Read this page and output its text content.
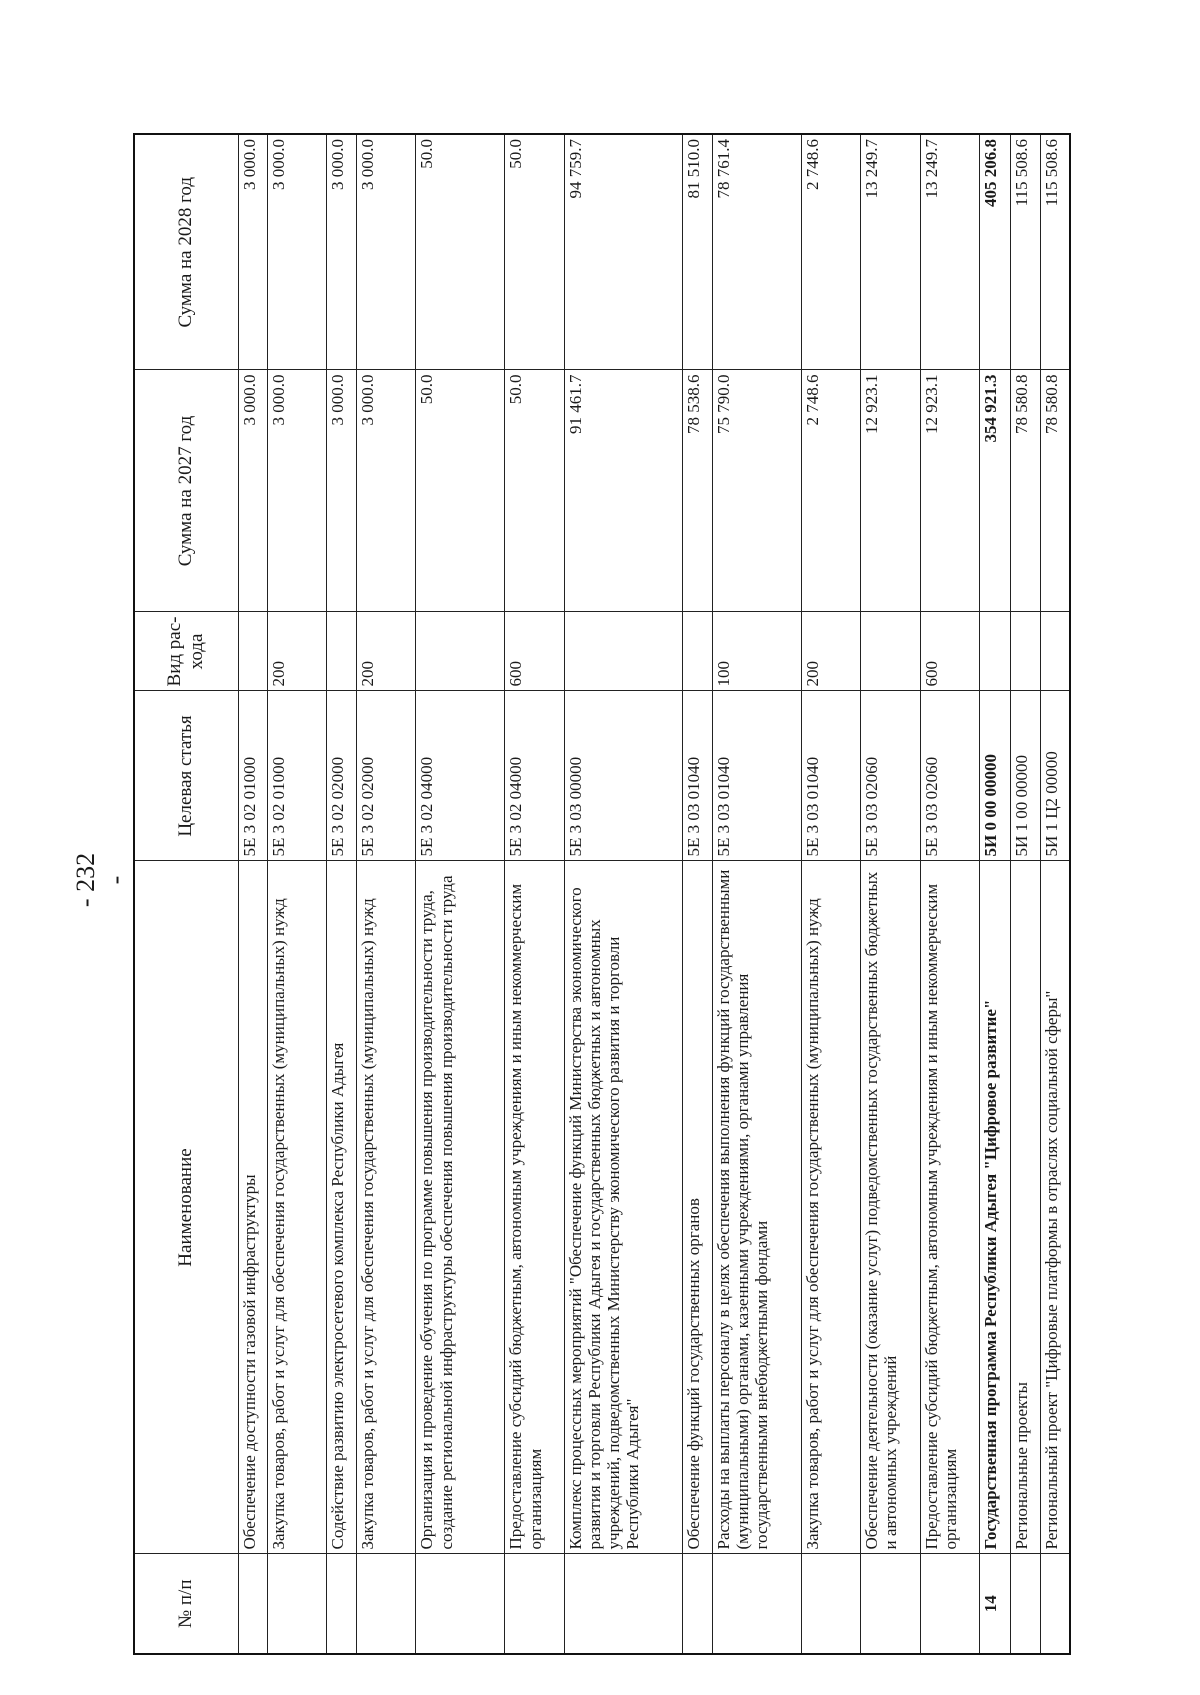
- 232 -
№ п/п	Наименование	Целевая статья	Вид рас- хода	Сумма на 2027 год	Сумма на 2028 год
	Обеспечение доступности газовой инфраструктуры	5Е 3 02 01000		3 000.0	3 000.0
	Закупка товаров, работ и услуг для обеспечения государственных (муниципальных) нужд	5Е 3 02 01000	200	3 000.0	3 000.0
	Содействие развитию электросетевого комплекса Республики Адыгея	5Е 3 02 02000		3 000.0	3 000.0
	Закупка товаров, работ и услуг для обеспечения государственных (муниципальных) нужд	5Е 3 02 02000	200	3 000.0	3 000.0
	Организация и проведение обучения по программе повышения производительности труда, создание региональной инфраструктуры обеспечения повышения производительности труда	5Е 3 02 04000		50.0	50.0
	Предоставление субсидий бюджетным, автономным учреждениям и иным некоммерческим организациям	5Е 3 02 04000	600	50.0	50.0
	Комплекс процессных мероприятий "Обеспечение функций Министерства экономического развития и торговли Республики Адыгея и государственных бюджетных и автономных учреждений, подведомственных Министерству экономического развития и торговли Республики Адыгея"	5Е 3 03 00000		91 461.7	94 759.7
	Обеспечение функций государственных органов	5Е 3 03 01040		78 538.6	81 510.0
	Расходы на выплаты персоналу в целях обеспечения выполнения функций государственными (муниципальными) органами, казенными учреждениями, органами управления государственными внебюджетными фондами	5Е 3 03 01040	100	75 790.0	78 761.4
	Закупка товаров, работ и услуг для обеспечения государственных (муниципальных) нужд	5Е 3 03 01040	200	2 748.6	2 748.6
	Обеспечение деятельности (оказание услуг) подведомственных государственных бюджетных и автономных учреждений	5Е 3 03 02060		12 923.1	13 249.7
	Предоставление субсидий бюджетным, автономным учреждениям и иным некоммерческим организациям	5Е 3 03 02060	600	12 923.1	13 249.7
14	Государственная программа Республики Адыгея "Цифровое развитие"	5И 0 00 00000		354 921.3	405 206.8
	Региональные проекты	5И 1 00 00000		78 580.8	115 508.6
	Региональный проект "Цифровые платформы в отраслях социальной сферы"	5И 1 Ц2 00000		78 580.8	115 508.6
